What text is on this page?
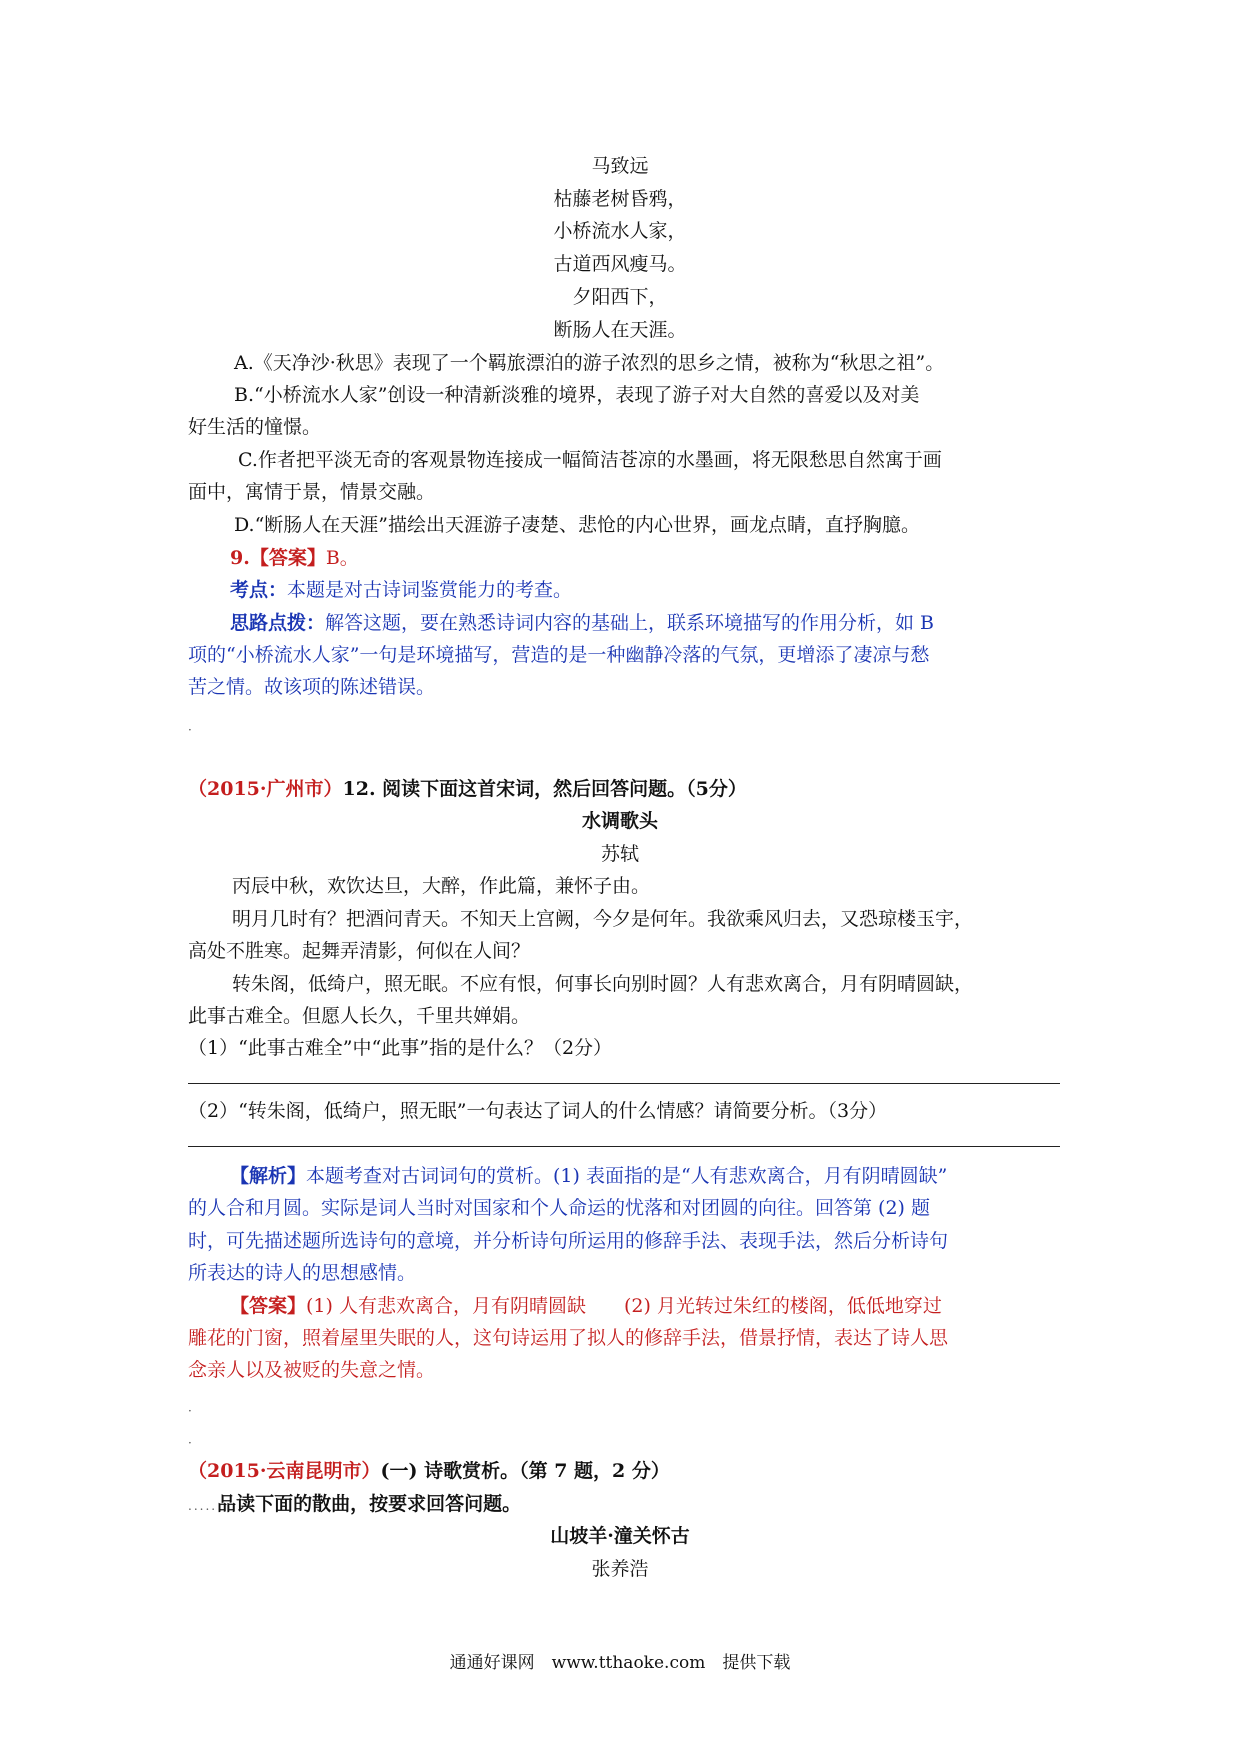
马致远
枯藤老树昏鸦，
小桥流水人家，
古道西风瘦马。
夕阳西下，
断肠人在天涯。
A.《天净沙·秋思》表现了一个羁旅漂泊的游子浓烈的思乡之情，被称为“秋思之祖”。
B.“小桥流水人家”创设一种清新淡雅的境界，表现了游子对大自然的喜爱以及对美
好生活的憧憬。
C.作者把平淡无奇的客观景物连接成一幅简洁苍凉的水墨画，将无限愁思自然寓于画
面中，寓情于景，情景交融。
D.“断肠人在天涯”描绘出天涯游子凄楚、悲怆的内心世界，画龙点睛，直抒胸臆。
9.【答案】B。
考点：本题是对古诗词鉴赏能力的考查。
思路点拨：解答这题，要在熟悉诗词内容的基础上，联系环境描写的作用分析，如 B
项的“小桥流水人家”一句是环境描写，营造的是一种幽静冷落的气氛，更增添了凄凉与愁
苦之情。故该项的陈述错误。
·
（2015·广州市）12. 阅读下面这首宋词，然后回答问题。（5分）
水调歌头
苏轼
丙辰中秋，欢饮达旦，大醉，作此篇，兼怀子由。
明月几时有？把酒问青天。不知天上宫阙，今夕是何年。我欲乘风归去，又恐琼楼玉宇，
高处不胜寒。起舞弄清影，何似在人间？
转朱阁，低绮户，照无眠。不应有恨，何事长向别时圆？人有悲欢离合，月有阴晴圆缺，
此事古难全。但愿人长久，千里共婵娟。
（1）“此事古难全”中“此事”指的是什么？（2分）
（2）“转朱阁，低绮户，照无眠”一句表达了词人的什么情感？请简要分析。（3分）
【解析】本题考查对古词词句的赏析。(1) 表面指的是“人有悲欢离合，月有阴晴圆缺”
的人合和月圆。实际是词人当时对国家和个人命运的忧落和对团圆的向往。回答第 (2) 题
时，可先描述题所选诗句的意境，并分析诗句所运用的修辞手法、表现手法，然后分析诗句
所表达的诗人的思想感情。
【答案】(1) 人有悲欢离合，月有阴晴圆缺　　(2) 月光转过朱红的楼阁，低低地穿过
雕花的门窗，照着屋里失眠的人，这句诗运用了拟人的修辞手法，借景抒情，表达了诗人思
念亲人以及被贬的失意之情。
·
·
（2015·云南昆明市）(一) 诗歌赏析。（第 7 题，2 分）
.....品读下面的散曲，按要求回答问题。
山坡羊·潼关怀古
张养浩
通通好课网　www.tthaoke.com　提供下载
